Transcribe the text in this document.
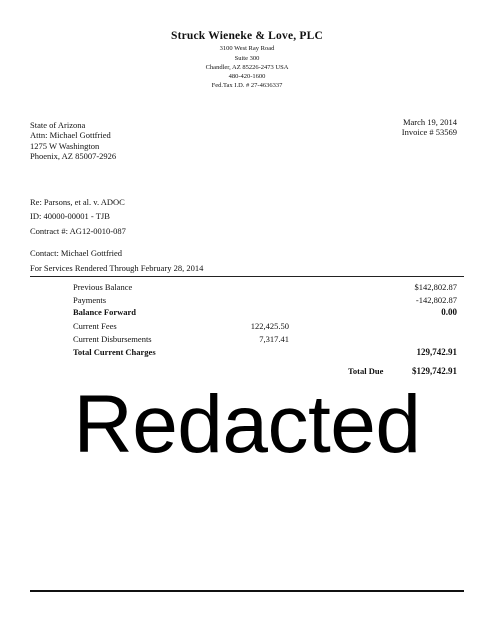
Struck Wieneke & Love, PLC
3100 West Ray Road
Suite 300
Chandler, AZ 85226-2473 USA
480-420-1600
Fed.Tax I.D. # 27-4636337
State of Arizona
Attn: Michael Gottfried
1275 W Washington
Phoenix, AZ 85007-2926
March 19, 2014
Invoice # 53569
Re: Parsons, et al. v. ADOC
ID: 40000-00001 - TJB
Contract #: AG12-0010-087
Contact: Michael Gottfried
For Services Rendered Through February 28, 2014
Previous Balance	$142,802.87
Payments	-142,802.87
Balance Forward	0.00
Current Fees	122,425.50
Current Disbursements	7,317.41
Total Current Charges	129,742.91
Total Due	$129,742.91
Redacted
